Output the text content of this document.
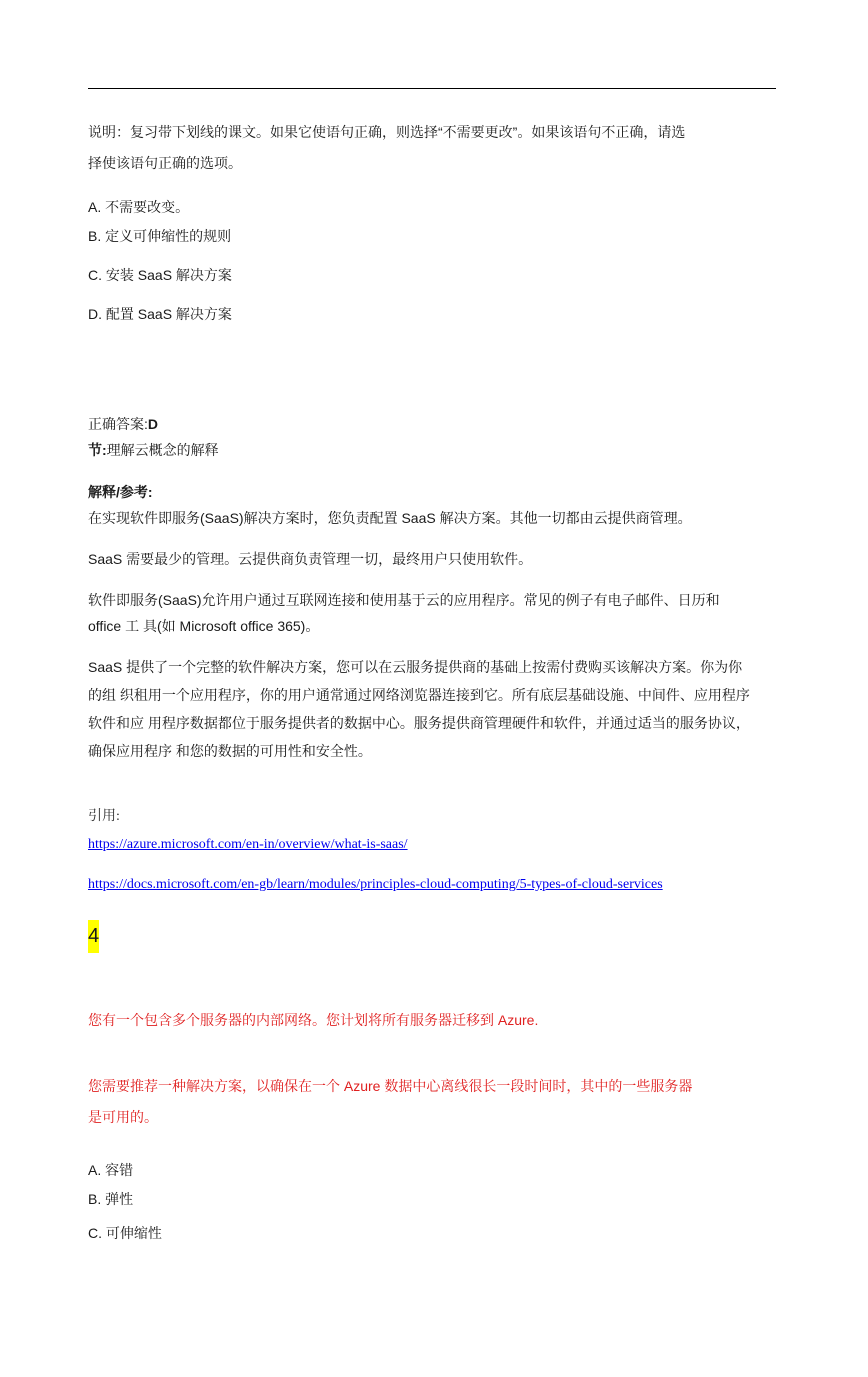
说明：复习带下划线的课文。如果它使语句正确，则选择“不需要更改”。如果该语句不正确，请选
择使该语句正确的选项。
A. 不需要改变。
B. 定义可伸缩性的规则
C. 安装 SaaS 解决方案
D. 配置 SaaS 解决方案
正确答案:D
节:理解云概念的解释
解释/参考:
在实现软件即服务(SaaS)解决方案时，您负责配置 SaaS 解决方案。其他一切都由云提供商管理。
SaaS 需要最少的管理。云提供商负责管理一切，最终用户只使用软件。
软件即服务(SaaS)允许用户通过互联网连接和使用基于云的应用程序。常见的例子有电子邮件、日历和
office 工 具(如 Microsoft office 365)。
SaaS 提供了一个完整的软件解决方案，您可以在云服务提供商的基础上按需付费购买该解决方案。你为你
的组 织租用一个应用程序，你的用户通常通过网络浏览器连接到它。所有底层基础设施、中间件、应用程序
软件和应 用程序数据都位于服务提供者的数据中心。服务提供商管理硬件和软件，并通过适当的服务协议，
确保应用程序 和您的数据的可用性和安全性。
引用:
https://azure.microsoft.com/en-in/overview/what-is-saas/
https://docs.microsoft.com/en-gb/learn/modules/principles-cloud-computing/5-types-of-cloud-services
4
您有一个包含多个服务器的内部网络。您计划将所有服务器迁移到 Azure.
您需要推荐一种解决方案，以确保在一个 Azure 数据中心离线很长一段时间时，其中的一些服务器
是可用的。
A. 容错
B. 弹性
C. 可伸缩性
